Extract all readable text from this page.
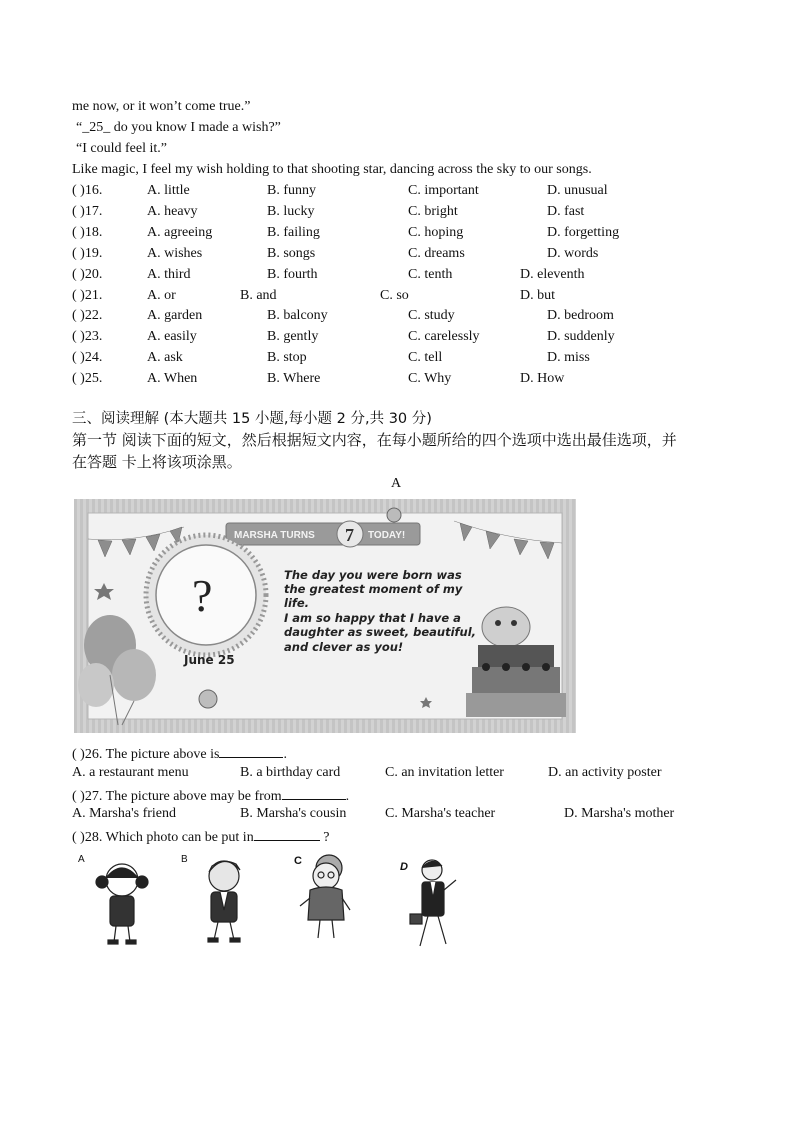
me now, or it won’t come true.”
“_25_ do you know I made a wish?”
“I could feel it.”
Like magic, I feel my wish holding to that shooting star, dancing across the sky to our songs.
( )16.	A. little	B. funny	C. important	D. unusual
( )17.	A. heavy	B. lucky	C. bright	D. fast
( )18.	A. agreeing	B. failing	C. hoping	D. forgetting
( )19.	A. wishes	B. songs	C. dreams	D. words
( )20.	A. third	B. fourth	C. tenth	D. eleventh
( )21.	A. or	B. and	C. so	D. but
( )22.	A. garden	B. balcony	C. study	D. bedroom
( )23.	A. easily	B. gently	C. carelessly	D. suddenly
( )24.	A. ask	B. stop	C. tell	D. miss
( )25.	A. When	B. Where	C. Why	D. How
三、阅读理解 (本大题共 15 小题,每小题 2 分,共 30 分)
第一节 阅读下面的短文，然后根据短文内容，在每小题所给的四个选项中选出最佳选项，并
在答题 卡上将该项涂黑。
A
MARSHA TURNS 7 TODAY!
?
June 25
The day you were born was
the greatest moment of my
life.
I am so happy that I have a
daughter as sweet, beautiful,
and clever as you!
( )26. The picture above is	.
A. a restaurant menu	B. a birthday card	C. an invitation letter	D. an activity poster
( )27. The picture above may be from	.
A. Marsha's friend	B. Marsha's cousin	C. Marsha's teacher	D. Marsha's mother
( )28. Which photo can be put in	?
A	B	C	D
